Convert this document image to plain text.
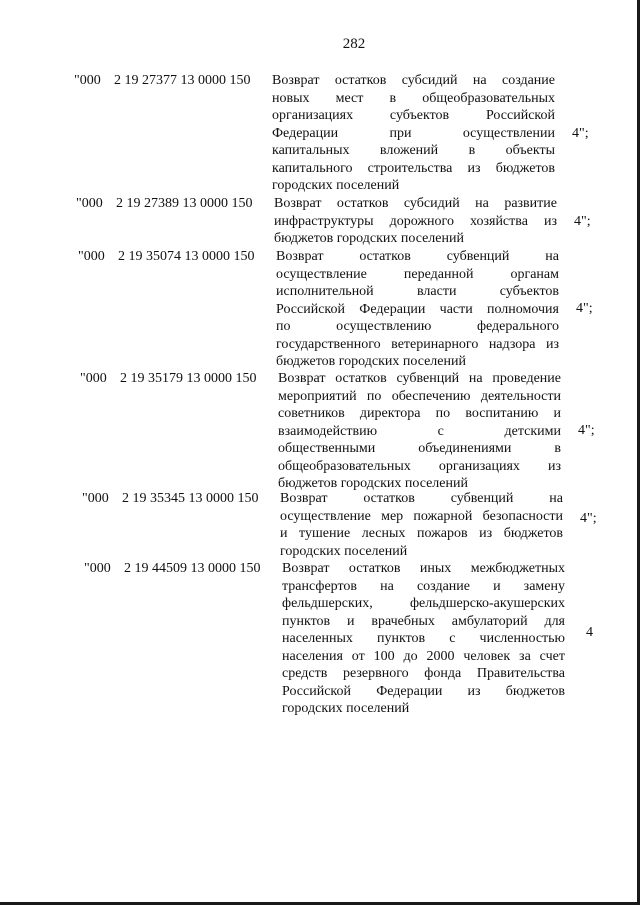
282
"000 2 19 27377 13 0000 150 Возврат остатков субсидий на создание
новых мест в общеобразовательных
организациях субъектов Российской
Федерации при осуществлении
капитальных вложений в объекты
капитального строительства из бюджетов
городских поселений
4";
"000 2 19 27389 13 0000 150 Возврат остатков субсидий на развитие
инфраструктуры дорожного хозяйства из
бюджетов городских поселений
4";
"000 2 19 35074 13 0000 150 Возврат остатков субвенций на
осуществление переданной органам
исполнительной власти субъектов
Российской Федерации части полномочия
по осуществлению федерального
государственного ветеринарного надзора из
бюджетов городских поселений
4";
"000 2 19 35179 13 0000 150 Возврат остатков субвенций на проведение
мероприятий по обеспечению деятельности
советников директора по воспитанию и
взаимодействию с детскими
общественными объединениями в
общеобразовательных организациях из
бюджетов городских поселений
4";
"000 2 19 35345 13 0000 150 Возврат остатков субвенций на
осуществление мер пожарной безопасности
и тушение лесных пожаров из бюджетов
городских поселений
4";
"000 2 19 44509 13 0000 150 Возврат остатков иных межбюджетных
трансфертов на создание и замену
фельдшерских, фельдшерско-акушерских
пунктов и врачебных амбулаторий для
населенных пунктов с численностью
населения от 100 до 2000 человек за счет
средств резервного фонда Правительства
Российской Федерации из бюджетов
городских поселений
4
